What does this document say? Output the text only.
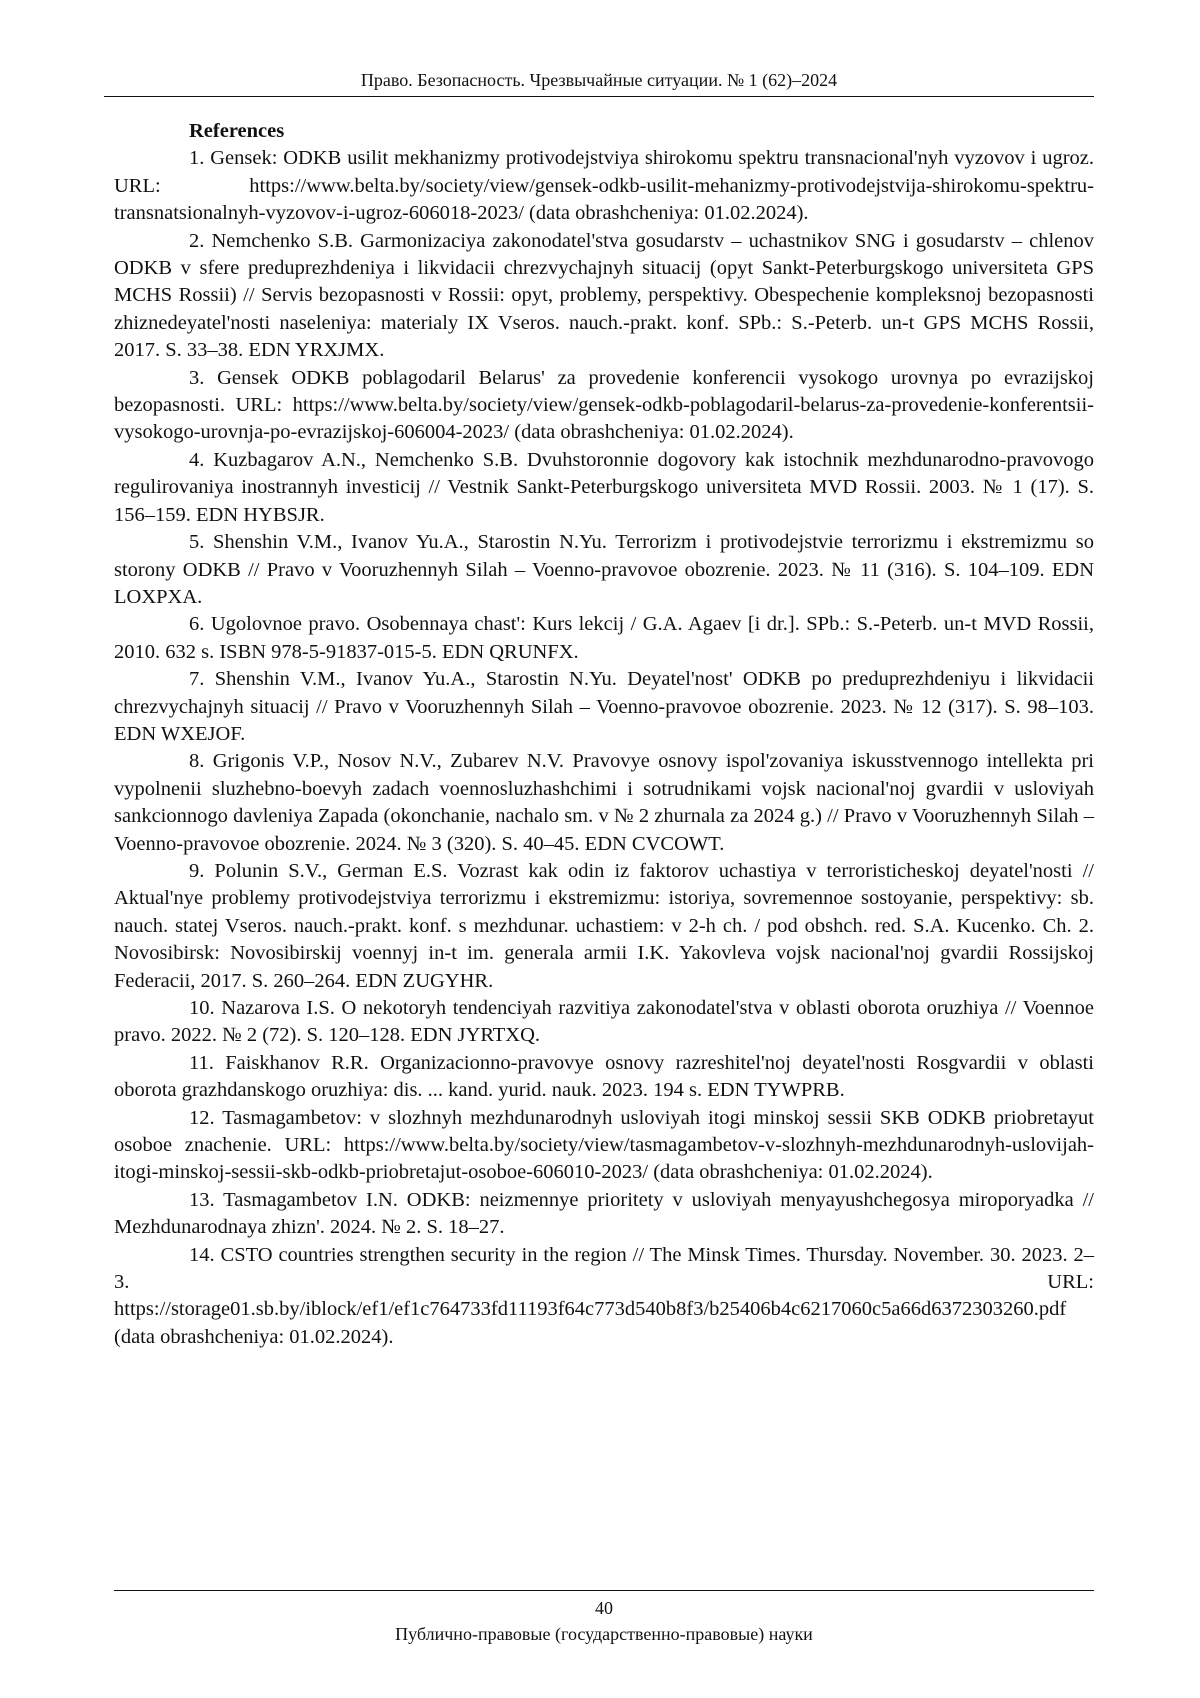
Право. Безопасность. Чрезвычайные ситуации. № 1 (62)–2024
References

1. Gensek: ODKB usilit mekhanizmy protivodejstviya shirokomu spektru transnacional'nyh vyzovov i ugroz. URL: https://www.belta.by/society/view/gensek-odkb-usilit-mehanizmy-protivodejstvija-shirokomu-spektru-transnatsionalnyh-vyzovov-i-ugroz-606018-2023/ (data obrashcheniya: 01.02.2024).

2. Nemchenko S.B. Garmonizaciya zakonodatel'stva gosudarstv – uchastnikov SNG i gosudarstv – chlenov ODKB v sfere preduprezhdeniya i likvidacii chrezvychajnyh situacij (opyt Sankt-Peterburgskogo universiteta GPS MCHS Rossii) // Servis bezopasnosti v Rossii: opyt, problemy, perspektivy. Obespechenie kompleksnoj bezopasnosti zhiznedeyatel'nosti naseleniya: materialy IX Vseros. nauch.-prakt. konf. SPb.: S.-Peterb. un-t GPS MCHS Rossii, 2017. S. 33–38. EDN YRXJMX.

3. Gensek ODKB poblagodaril Belarus' za provedenie konferencii vysokogo urovnya po evrazijskoj bezopasnosti. URL: https://www.belta.by/society/view/gensek-odkb-poblagodaril-belarus-za-provedenie-konferentsii-vysokogo-urovnja-po-evrazijskoj-606004-2023/ (data obrashcheniya: 01.02.2024).

4. Kuzbagarov A.N., Nemchenko S.B. Dvuhstoronnie dogovory kak istochnik mezhdunarodno-pravovogo regulirovaniya inostrannyh investicij // Vestnik Sankt-Peterburgskogo universiteta MVD Rossii. 2003. № 1 (17). S. 156–159. EDN HYBSJR.

5. Shenshin V.M., Ivanov Yu.A., Starostin N.Yu. Terrorizm i protivodejstvie terrorizmu i ekstremizmu so storony ODKB // Pravo v Vooruzhennyh Silah – Voenno-pravovoe obozrenie. 2023. № 11 (316). S. 104–109. EDN LOXPXA.

6. Ugolovnoe pravo. Osobennaya chast': Kurs lekcij / G.A. Agaev [i dr.]. SPb.: S.-Peterb. un-t MVD Rossii, 2010. 632 s. ISBN 978-5-91837-015-5. EDN QRUNFX.

7. Shenshin V.M., Ivanov Yu.A., Starostin N.Yu. Deyatel'nost' ODKB po preduprezhdeniyu i likvidacii chrezvychajnyh situacij // Pravo v Vooruzhennyh Silah – Voenno-pravovoe obozrenie. 2023. № 12 (317). S. 98–103. EDN WXEJOF.

8. Grigonis V.P., Nosov N.V., Zubarev N.V. Pravovye osnovy ispol'zovaniya iskusstvennogo intellekta pri vypolnenii sluzhebno-boevyh zadach voennosluzhashchimi i sotrudnikami vojsk nacional'noj gvardii v usloviyah sankcionnogo davleniya Zapada (okonchanie, nachalo sm. v № 2 zhurnala za 2024 g.) // Pravo v Vooruzhennyh Silah – Voenno-pravovoe obozrenie. 2024. № 3 (320). S. 40–45. EDN CVCOWT.

9. Polunin S.V., German E.S. Vozrast kak odin iz faktorov uchastiya v terroristicheskoj deyatel'nosti // Aktual'nye problemy protivodejstviya terrorizmu i ekstremizmu: istoriya, sovremennoe sostoyanie, perspektivy: sb. nauch. statej Vseros. nauch.-prakt. konf. s mezhdunar. uchastiem: v 2-h ch. / pod obshch. red. S.A. Kucenko. Ch. 2. Novosibirsk: Novosibirskij voennyj in-t im. generala armii I.K. Yakovleva vojsk nacional'noj gvardii Rossijskoj Federacii, 2017. S. 260–264. EDN ZUGYHR.

10. Nazarova I.S. O nekotoryh tendenciyah razvitiya zakonodatel'stva v oblasti oborota oruzhiya // Voennoe pravo. 2022. № 2 (72). S. 120–128. EDN JYRTXQ.

11. Faiskhanov R.R. Organizacionno-pravovye osnovy razreshitel'noj deyatel'nosti Rosgvardii v oblasti oborota grazhdanskogo oruzhiya: dis. ... kand. yurid. nauk. 2023. 194 s. EDN TYWPRB.

12. Tasmagambetov: v slozhnyh mezhdunarodnyh usloviyah itogi minskoj sessii SKB ODKB priobretayut osoboe znachenie. URL: https://www.belta.by/society/view/tasmagambetov-v-slozhnyh-mezhdunarodnyh-uslovijah-itogi-minskoj-sessii-skb-odkb-priobretajut-osoboe-606010-2023/ (data obrashcheniya: 01.02.2024).

13. Tasmagambetov I.N. ODKB: neizmennye prioritety v usloviyah menyayushchegosya miroporyadka // Mezhdunarodnaya zhizn'. 2024. № 2. S. 18–27.

14. CSTO countries strengthen security in the region // The Minsk Times. Thursday. November. 30. 2023. 2–3. URL: https://storage01.sb.by/iblock/ef1/ef1c764733fd11193f64c773d540b8f3/b25406b4c6217060c5a66d6372303260.pdf (data obrashcheniya: 01.02.2024).

40
Публично-правовые (государственно-правовые) науки
